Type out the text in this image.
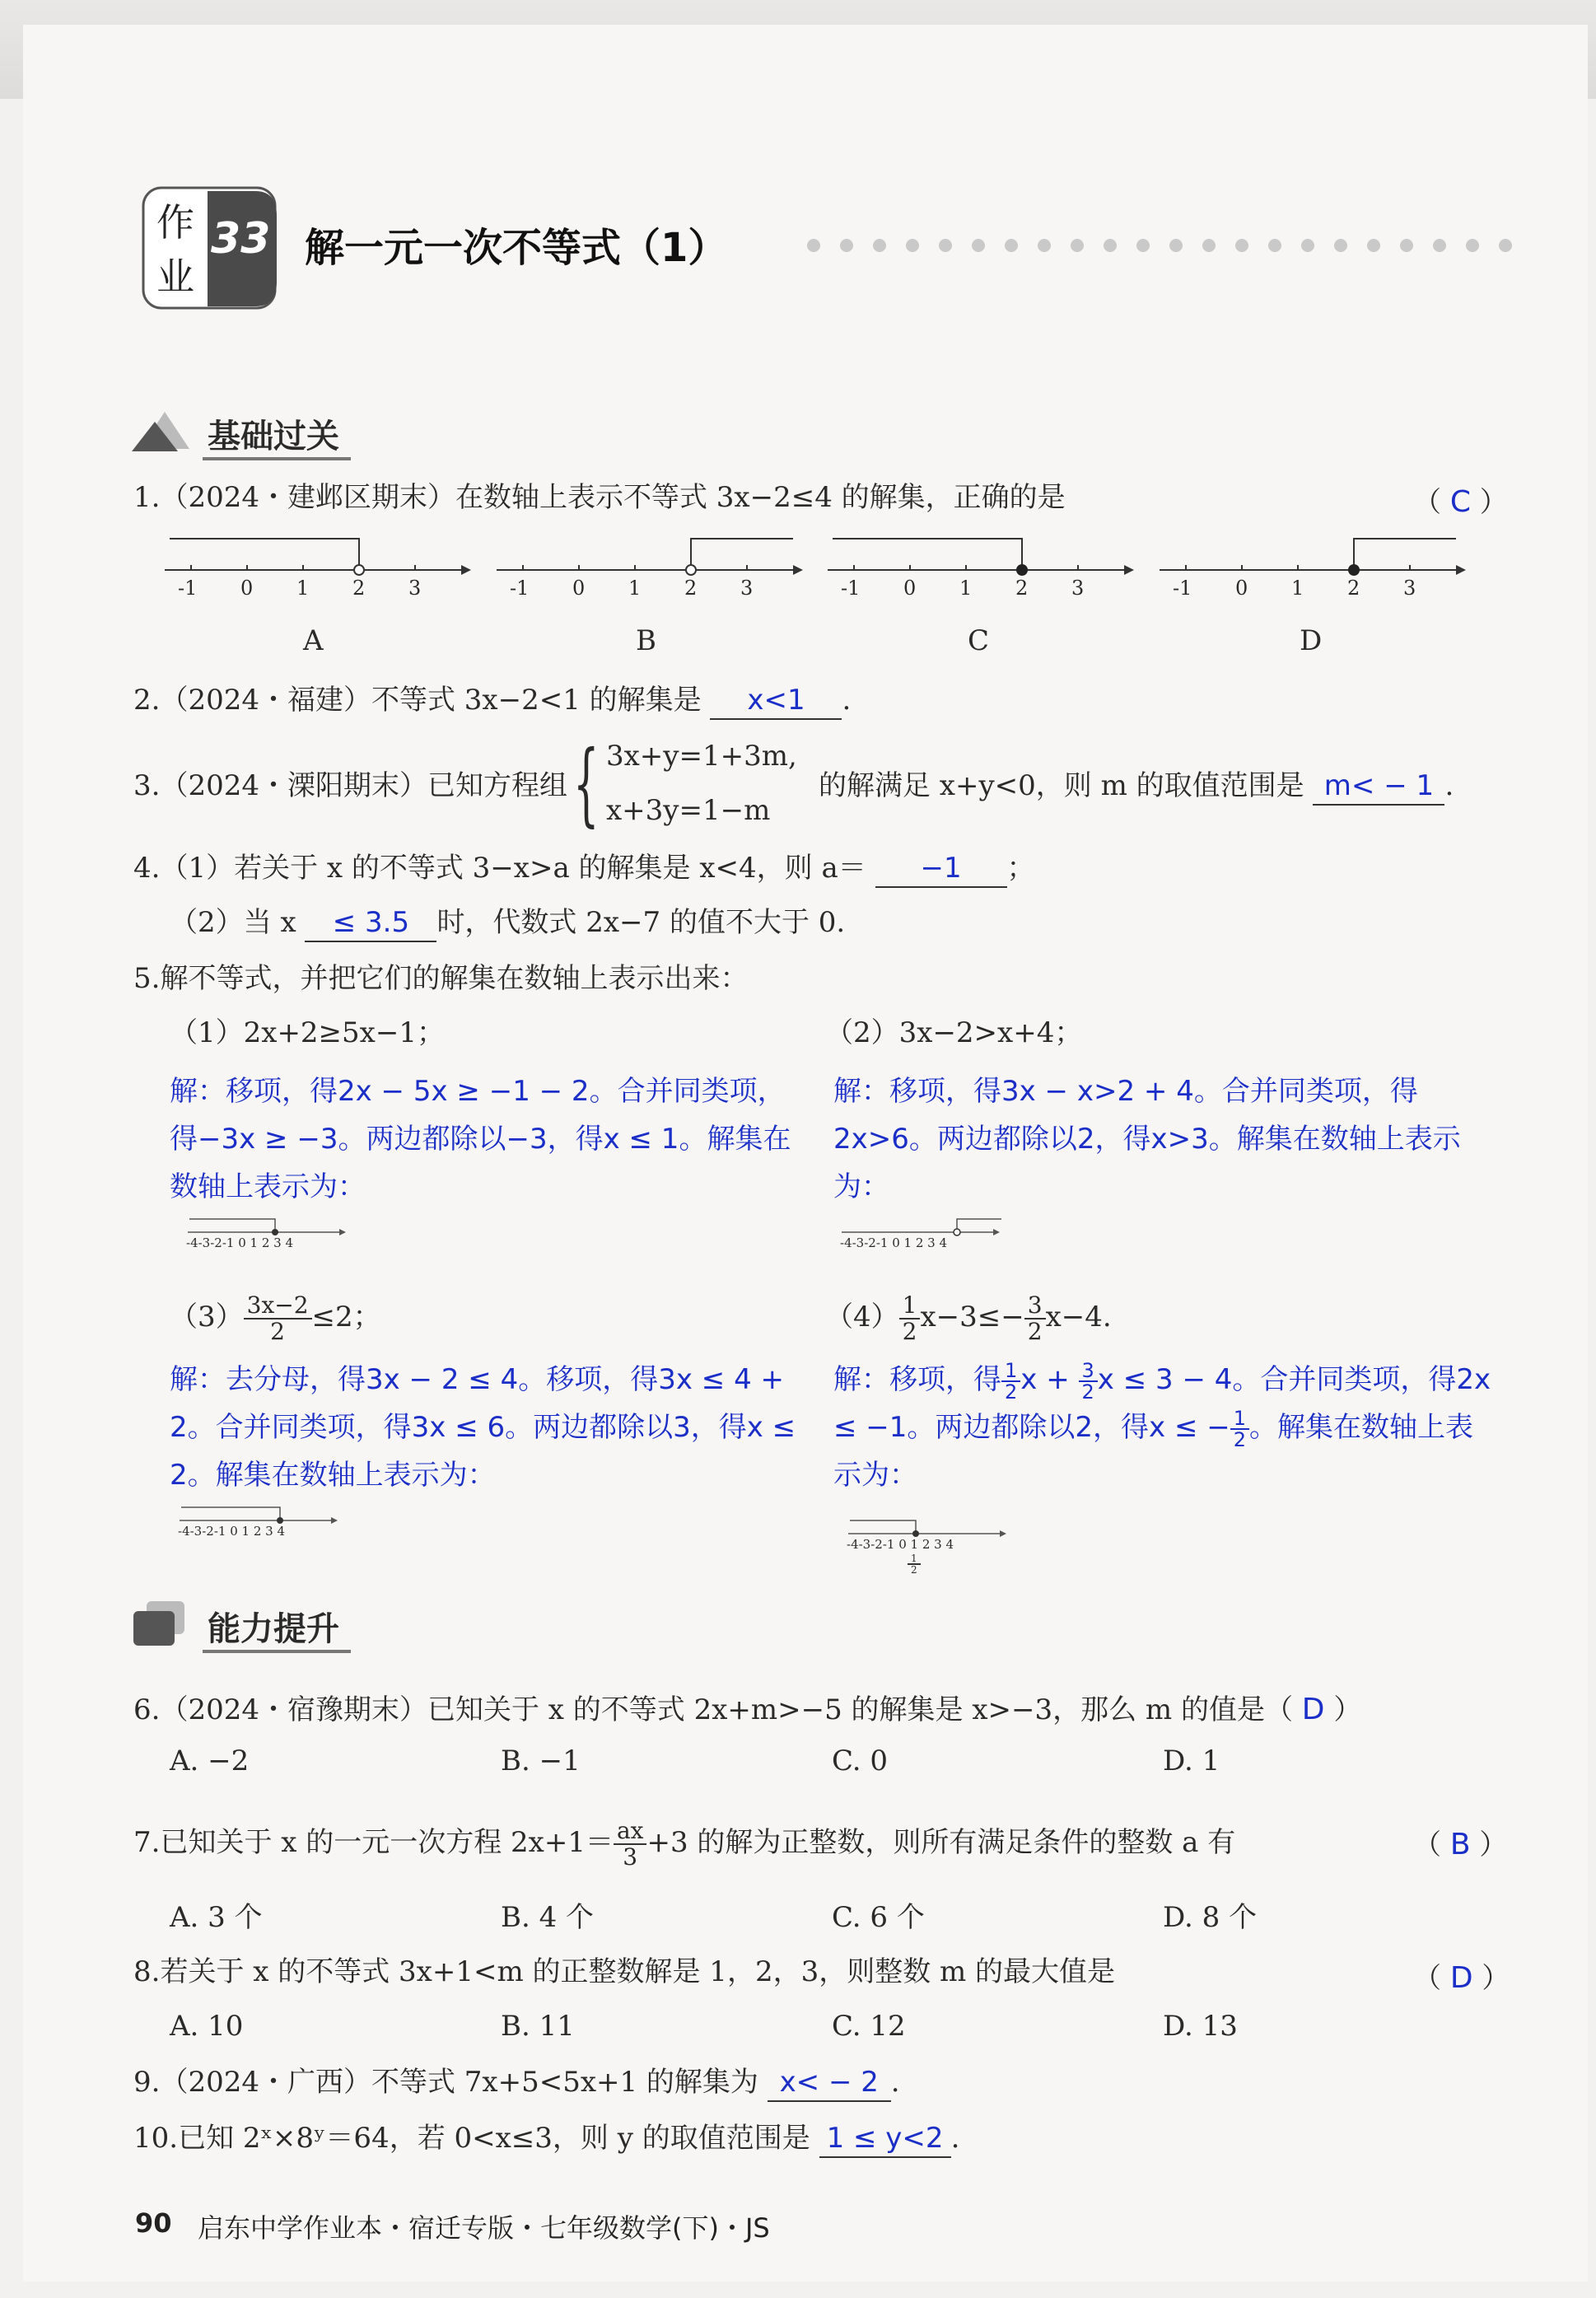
作
业
33 解一元一次不等式（1）
基础过关
1.（2024・建邺区期末）在数轴上表示不等式 3x−2≤4 的解集，正确的是	（ C ）
-1 0 1 2 3	-1 0 1 2 3	-1 0 1 2 3	-1 0 1 2 3
A	B	C	D
2.（2024・福建）不等式 3x−2<1 的解集是 x<1 .
3.（2024・溧阳期末）已知方程组 { 3x+y=1+3m,
x+3y=1−m
的解满足 x+y<0，则 m 的取值范围是 m< − 1 .
4.（1）若关于 x 的不等式 3−x>a 的解集是 x<4，则 a＝ −1 ；
（2）当 x ≤ 3.5 时，代数式 2x−7 的值不大于 0.
5.解不等式，并把它们的解集在数轴上表示出来：
（1）2x+2≥5x−1；
解：移项，得2x − 5x ≥ −1 − 2。合并同类项，得−3x ≥ −3。两边都除以−3，得x ≤ 1。解集在数轴上表示为：
-4-3-2-1 0 1 2 3 4
（2）3x−2>x+4；
解：移项，得3x − x>2 + 4。合并同类项，得2x>6。两边都除以2，得x>3。解集在数轴上表示为：
-4-3-2-1 0 1 2 3 4
$(3) \frac{3x-2}{2} \le 2$；
解：去分母，得3x − 2 ≤ 4。移项，得3x ≤ 4 + 2。合并同类项，得3x ≤ 6。两边都除以3，得x ≤ 2。解集在数轴上表示为：
-4-3-2-1 0 1 2 3 4
$(4) \frac{1}{2} x-3\le- \frac{3}{2} x-4$.
解：移项，得 $\frac{1}{2}$ $x + \frac{3}{2}$ x ≤ 3 − 4。合并同类项，得2x ≤ −1。两边都除以2，得x ≤ − $\frac{1}{2}$ 。解集在数轴上表示为：
-4-3-2-1 0 1 2 3 4
$\frac{1}{2}$
能力提升
6.（2024・宿豫期末）已知关于 x 的不等式 2x+m>−5 的解集是 x>−3，那么 m 的值是（ D ）
A. −2	B. −1	C. 0	D. 1
7.已知关于 x 的一元一次方程 $2x+1= \frac{ax}{3} +3$ 的解为正整数，则所有满足条件的整数 a 有	（ B ）
A. 3 个	B. 4 个	C. 6 个	D. 8 个
8.若关于 x 的不等式 3x+1<m 的正整数解是 1，2，3，则整数 m 的最大值是	（ D ）
A. 10	B. 11	C. 12	D. 13
9.（2024・广西）不等式 7x+5<5x+1 的解集为 x< − 2 .
10.已知 2ˣ×8ʸ＝64，若 0<x≤3，则 y 的取值范围是 1 ≤ y<2 .
90 启东中学作业本・宿迁专版・七年级数学(下)・JS
